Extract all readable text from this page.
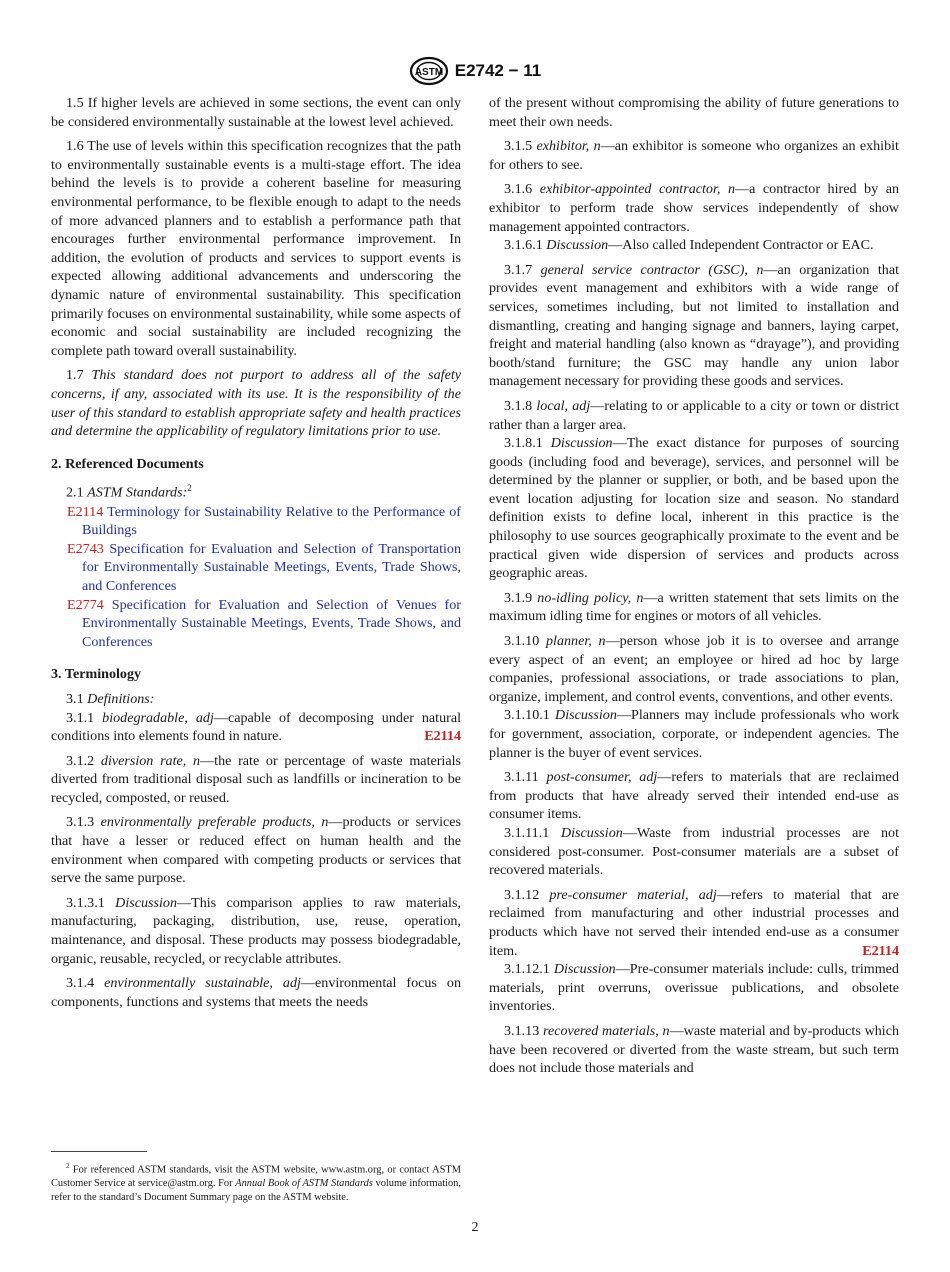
ASTM E2742 − 11

1.5 If higher levels are achieved in some sections, the event can only be considered environmentally sustainable at the lowest level achieved.

1.6 The use of levels within this specification recognizes that the path to environmentally sustainable events is a multi-stage effort. The idea behind the levels is to provide a coherent baseline for measuring environmental performance, to be flexible enough to adapt to the needs of more advanced planners and to establish a performance path that encourages further environmental performance improvement. In addition, the evolution of products and services to support events is expected allowing additional advancements and underscoring the dynamic nature of environmental sustainability. This specification primarily focuses on environmental sustainability, while some aspects of economic and social sustainability are included recognizing the complete path toward overall sustainability.

1.7 This standard does not purport to address all of the safety concerns, if any, associated with its use. It is the responsibility of the user of this standard to establish appropriate safety and health practices and determine the applicability of regulatory limitations prior to use.

2. Referenced Documents

2.1 ASTM Standards:$^2$

E2114 Terminology for Sustainability Relative to the Performance of Buildings

E2743 Specification for Evaluation and Selection of Transportation for Environmentally Sustainable Meetings, Events, Trade Shows, and Conferences

E2774 Specification for Evaluation and Selection of Venues for Environmentally Sustainable Meetings, Events, Trade Shows, and Conferences

3. Terminology

3.1 Definitions:

3.1.1 biodegradable, adj—capable of decomposing under natural conditions into elements found in nature.	E2114

3.1.2 diversion rate, n—the rate or percentage of waste materials diverted from traditional disposal such as landfills or incineration to be recycled, composted, or reused.

3.1.3 environmentally preferable products, n—products or services that have a lesser or reduced effect on human health and the environment when compared with competing products or services that serve the same purpose.

3.1.3.1 Discussion—This comparison applies to raw materials, manufacturing, packaging, distribution, use, reuse, operation, maintenance, and disposal. These products may possess biodegradable, organic, reusable, recycled, or recyclable attributes.

3.1.4 environmentally sustainable, adj—environmental focus on components, functions and systems that meets the needs

of the present without compromising the ability of future generations to meet their own needs.

3.1.5 exhibitor, n—an exhibitor is someone who organizes an exhibit for others to see.

3.1.6 exhibitor-appointed contractor, n—a contractor hired by an exhibitor to perform trade show services independently of show management appointed contractors.

3.1.6.1 Discussion—Also called Independent Contractor or EAC.

3.1.7 general service contractor (GSC), n—an organization that provides event management and exhibitors with a wide range of services, sometimes including, but not limited to installation and dismantling, creating and hanging signage and banners, laying carpet, freight and material handling (also known as “drayage”), and providing booth/stand furniture; the GSC may handle any union labor management necessary for providing these goods and services.

3.1.8 local, adj—relating to or applicable to a city or town or district rather than a larger area.

3.1.8.1 Discussion—The exact distance for purposes of sourcing goods (including food and beverage), services, and personnel will be determined by the planner or supplier, or both, and be based upon the event location adjusting for location size and season. No standard definition exists to define local, inherent in this practice is the philosophy to use sources geographically proximate to the event and be practical given wide dispersion of services and products across geographic areas.

3.1.9 no-idling policy, n—a written statement that sets limits on the maximum idling time for engines or motors of all vehicles.

3.1.10 planner, n—person whose job it is to oversee and arrange every aspect of an event; an employee or hired ad hoc by large companies, professional associations, or trade associations to plan, organize, implement, and control events, conventions, and other events.

3.1.10.1 Discussion—Planners may include professionals who work for government, association, corporate, or independent agencies. The planner is the buyer of event services.

3.1.11 post-consumer, adj—refers to materials that are reclaimed from products that have already served their intended end-use as consumer items.

3.1.11.1 Discussion—Waste from industrial processes are not considered post-consumer. Post-consumer materials are a subset of recovered materials.

3.1.12 pre-consumer material, adj—refers to material that are reclaimed from manufacturing and other industrial processes and products which have not served their intended end-use as a consumer item.	E2114

3.1.12.1 Discussion—Pre-consumer materials include: culls, trimmed materials, print overruns, overissue publications, and obsolete inventories.

3.1.13 recovered materials, n—waste material and by-products which have been recovered or diverted from the waste stream, but such term does not include those materials and

$^2$ For referenced ASTM standards, visit the ASTM website, www.astm.org, or contact ASTM Customer Service at service@astm.org. For Annual Book of ASTM Standards volume information, refer to the standard’s Document Summary page on the ASTM website.
2
